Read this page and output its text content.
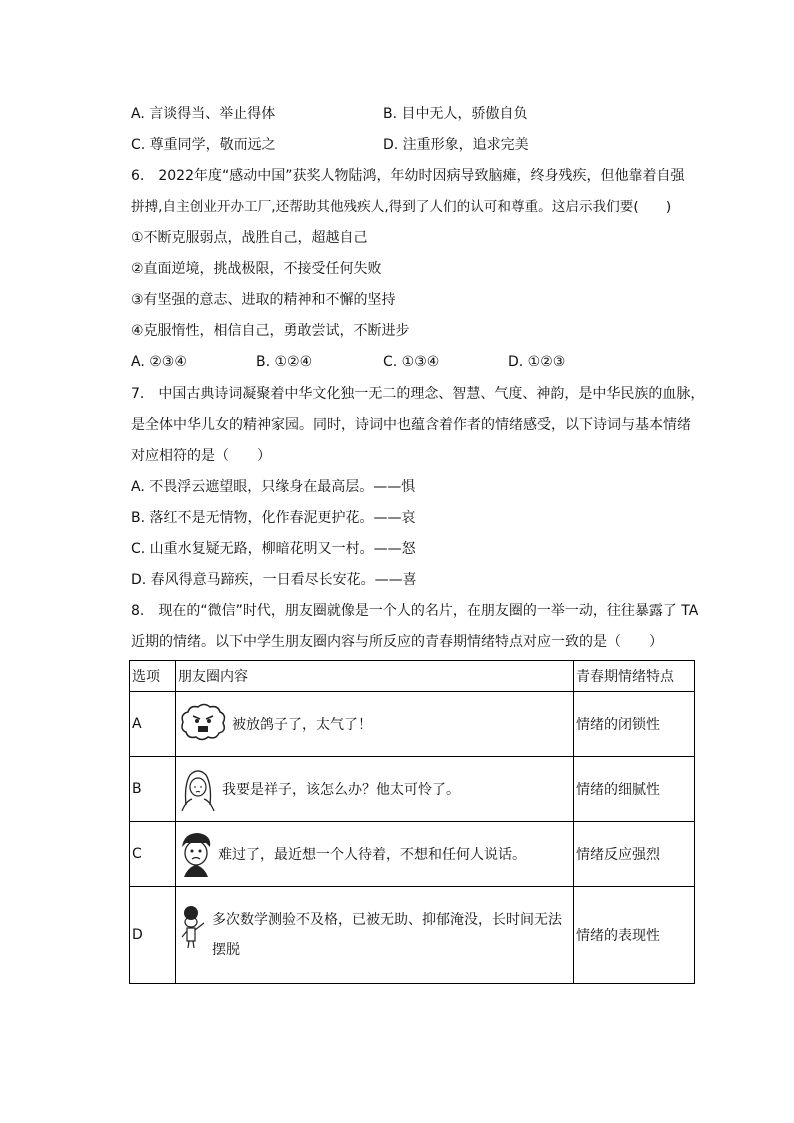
A. 言谈得当、举止得体	B. 目中无人，骄傲自负
C. 尊重同学，敬而远之	D. 注重形象，追求完美
6.　2022年度“感动中国”获奖人物陆鸿，年幼时因病导致脑瘫，终身残疾，但他靠着自强
拼搏,自主创业开办工厂,还帮助其他残疾人,得到了人们的认可和尊重。这启示我们要(　　)
①不断克服弱点，战胜自己，超越自己
②直面逆境，挑战极限，不接受任何失败
③有坚强的意志、进取的精神和不懈的坚持
④克服惰性，相信自己，勇敢尝试，不断进步
A. ②③④	B. ①②④	C. ①③④	D. ①②③
7.　中国古典诗词凝聚着中华文化独一无二的理念、智慧、气度、神韵，是中华民族的血脉，
是全体中华儿女的精神家园。同时，诗词中也蕴含着作者的情绪感受，以下诗词与基本情绪
对应相符的是（　　）
A. 不畏浮云遮望眼，只缘身在最高层。——惧
B. 落红不是无情物，化作春泥更护花。——哀
C. 山重水复疑无路，柳暗花明又一村。——怒
D. 春风得意马蹄疾，一日看尽长安花。——喜
8.　现在的“微信”时代，朋友圈就像是一个人的名片，在朋友圈的一举一动，往往暴露了 TA
近期的情绪。以下中学生朋友圈内容与所反应的青春期情绪特点对应一致的是（　　）
选项	朋友圈内容	青春期情绪特点
A	被放鸽子了，太气了！	情绪的闭锁性
B	我要是祥子，该怎么办？他太可怜了。	情绪的细腻性
C	难过了，最近想一个人待着，不想和任何人说话。	情绪反应强烈
D	多次数学测验不及格，已被无助、抑郁淹没，长时间无法摆脱	情绪的表现性
